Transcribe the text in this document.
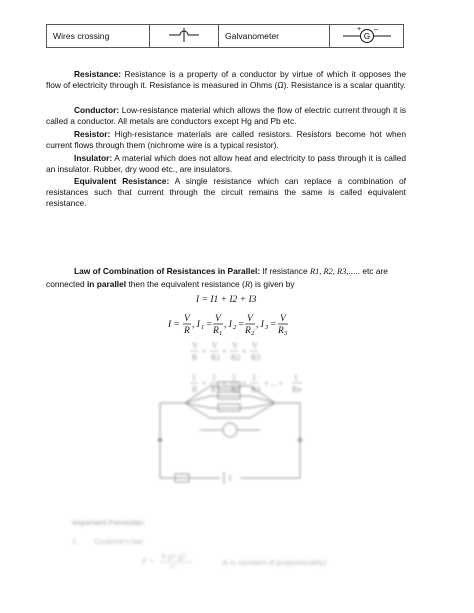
Wires crossing		Galvanometer	G
+ –

Resistance: Resistance is a property of a conductor by virtue of which it opposes the flow of electricity through it. Resistance is measured in Ohms (Ω). Resistance is a scalar quantity.

Conductor: Low-resistance material which allows the flow of electric current through it is called a conductor. All metals are conductors except Hg and Pb etc.

Resistor: High-resistance materials are called resistors. Resistors become hot when current flows through them (nichrome wire is a typical resistor).

Insulator: A material which does not allow heat and electricity to pass through it is called an insulator. Rubber, dry wood etc., are insulators.

Equivalent Resistance: A single resistance which can replace a combination of resistances such that current through the circuit remains the same is called equivalent resistance.

Law of Combination of Resistances in Parallel: If resistance R1, R2, R3,..... etc are connected in parallel then the equivalent resistance (R) is given by

I = I1 + I2 + I3
I =
V
R
, I 1 =
V
R 1
, I 2 =
V
R 2
, I 3 =
V
R 3
V
R
=
V
R1
+
V
R2
+
V
R3
1
R
=
1
R1
+
1
R2
+
1
R3
+ ... +
1
Rn
Important Formulae:
1. Coulomb's law
F =
k q1 q2
r²	(k is constant of proportionality)
